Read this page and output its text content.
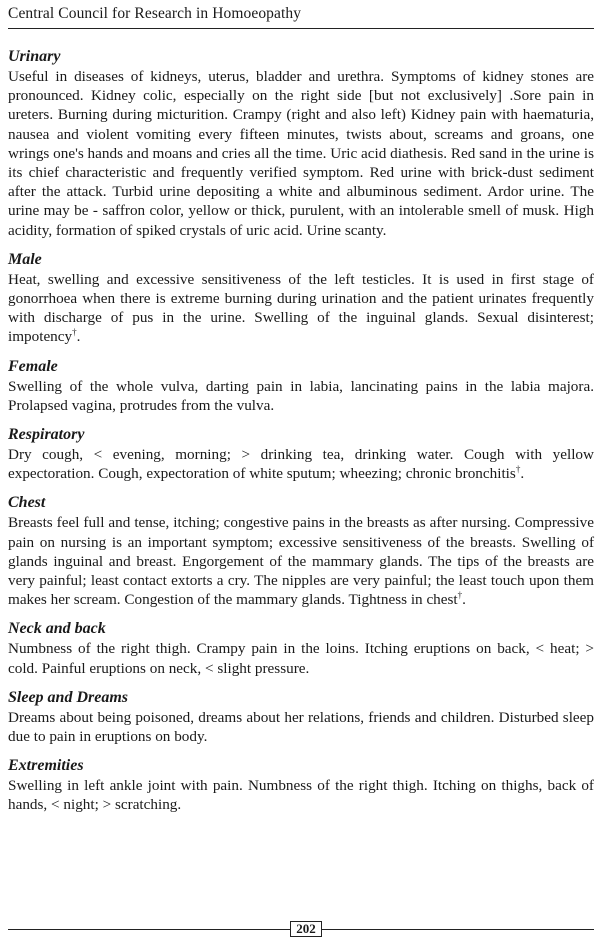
Central Council for Research in Homoeopathy
Urinary

Useful in diseases of kidneys, uterus, bladder and urethra. Symptoms of kidney stones are pronounced. Kidney colic, especially on the right side [but not exclusively] .Sore pain in ureters. Burning during micturition. Crampy (right and also left) Kidney pain with haematuria, nausea and violent vomiting every fifteen minutes, twists about, screams and groans, one wrings one's hands and moans and cries all the time. Uric acid diathesis. Red sand in the urine is its chief characteristic and frequently verified symptom. Red urine with brick-dust sediment after the attack. Turbid urine depositing a white and albuminous sediment. Ardor urine. The urine may be - saffron color, yellow or thick, purulent, with an intolerable smell of musk. High acidity, formation of spiked crystals of uric acid. Urine scanty.

Male

Heat, swelling and excessive sensitiveness of the left testicles. It is used in first stage of gonorrhoea when there is extreme burning during urination and the patient urinates frequently with discharge of pus in the urine. Swelling of the inguinal glands. Sexual disinterest; impotency†.

Female

Swelling of the whole vulva, darting pain in labia, lancinating pains in the labia majora. Prolapsed vagina, protrudes from the vulva.

Respiratory

Dry cough, < evening, morning; > drinking tea, drinking water. Cough with yellow expectoration. Cough, expectoration of white sputum; wheezing; chronic bronchitis†.

Chest

Breasts feel full and tense, itching; congestive pains in the breasts as after nursing. Compressive pain on nursing is an important symptom; excessive sensitiveness of the breasts. Swelling of glands inguinal and breast. Engorgement of the mammary glands. The tips of the breasts are very painful; least contact extorts a cry. The nipples are very painful; the least touch upon them makes her scream. Congestion of the mammary glands. Tightness in chest†.

Neck and back

Numbness of the right thigh. Crampy pain in the loins. Itching eruptions on back, < heat; > cold. Painful eruptions on neck, < slight pressure.

Sleep and Dreams

Dreams about being poisoned, dreams about her relations, friends and children. Disturbed sleep due to pain in eruptions on body.

Extremities

Swelling in left ankle joint with pain. Numbness of the right thigh. Itching on thighs, back of hands, < night; > scratching.

202
